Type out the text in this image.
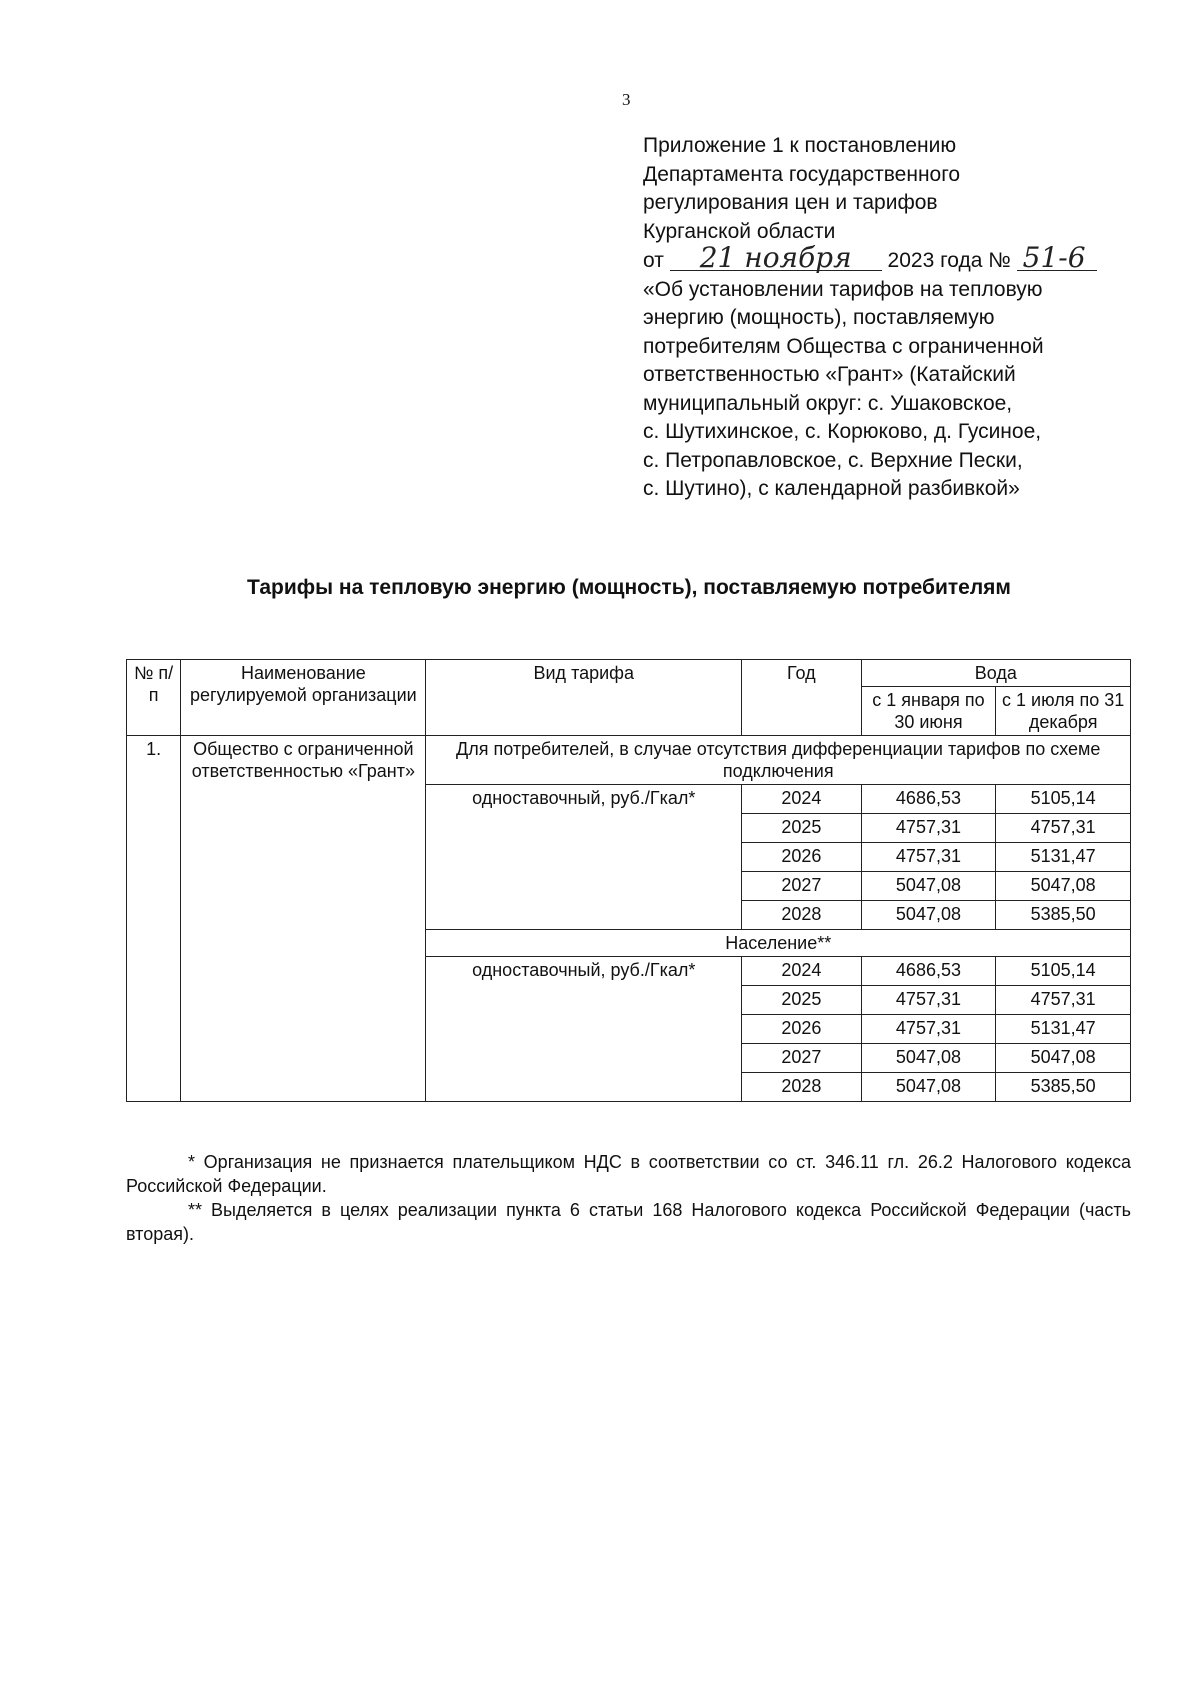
3
Приложение 1 к постановлению
Департамента государственного
регулирования цен и тарифов
Курганской области
от 21 ноября 2023 года № 51-6
«Об установлении тарифов на тепловую
энергию (мощность), поставляемую
потребителям Общества с ограниченной
ответственностью «Грант» (Катайский
муниципальный округ: с. Ушаковское,
с. Шутихинское, с. Корюково, д. Гусиное,
с. Петропавловское, с. Верхние Пески,
с. Шутино), с календарной разбивкой»
Тарифы на тепловую энергию (мощность), поставляемую потребителям
№ п/п	Наименование регулируемой организации	Вид тарифа	Год	Вода	
				с 1 января по 30 июня	с 1 июля по 31 декабря
1.	Общество с ограниченной ответственностью «Грант»	Для потребителей, в случае отсутствия дифференциации тарифов по схеме подключения			
		одноставочный, руб./Гкал*	2024	4686,53	5105,14
			2025	4757,31	4757,31
			2026	4757,31	5131,47
			2027	5047,08	5047,08
			2028	5047,08	5385,50
		Население**			
		одноставочный, руб./Гкал*	2024	4686,53	5105,14
			2025	4757,31	4757,31
			2026	4757,31	5131,47
			2027	5047,08	5047,08
			2028	5047,08	5385,50

* Организация не признается плательщиком НДС в соответствии со ст. 346.11 гл. 26.2 Налогового кодекса Российской Федерации.

** Выделяется в целях реализации пункта 6 статьи 168 Налогового кодекса Российской Федерации (часть вторая).
